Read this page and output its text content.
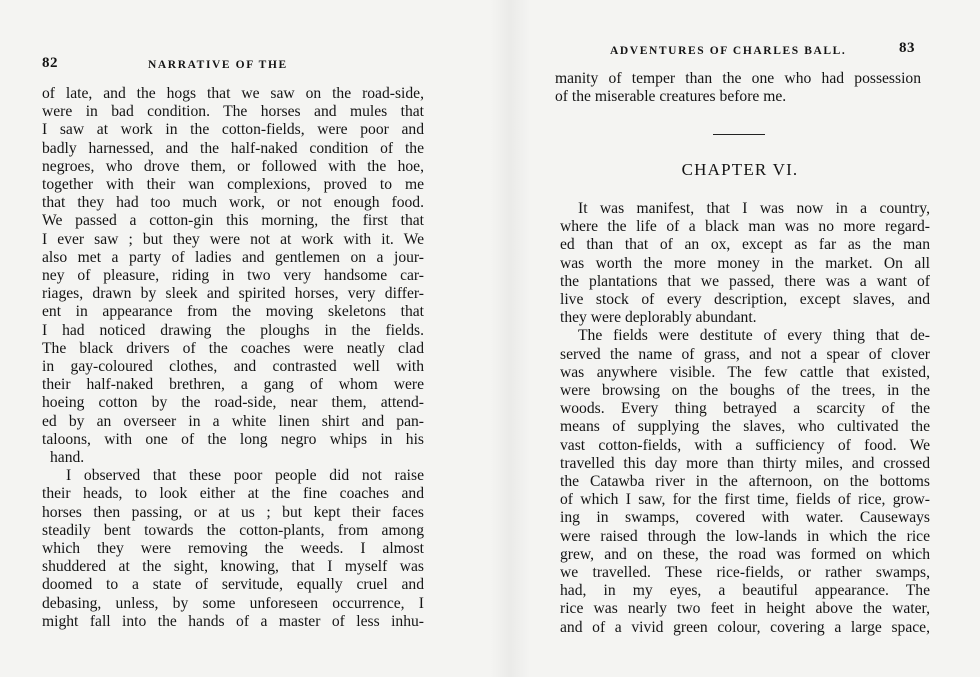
82	NARRATIVE OF THE
of late, and the hogs that we saw on the road-side,
were in bad condition. The horses and mules that
I saw at work in the cotton-fields, were poor and
badly harnessed, and the half-naked condition of the
negroes, who drove them, or followed with the hoe,
together with their wan complexions, proved to me
that they had too much work, or not enough food.
We passed a cotton-gin this morning, the first that
I ever saw ; but they were not at work with it. We
also met a party of ladies and gentlemen on a jour-
ney of pleasure, riding in two very handsome car-
riages, drawn by sleek and spirited horses, very differ-
ent in appearance from the moving skeletons that
I had noticed drawing the ploughs in the fields.
The black drivers of the coaches were neatly clad
in gay-coloured clothes, and contrasted well with
their half-naked brethren, a gang of whom were
hoeing cotton by the road-side, near them, attend-
ed by an overseer in a white linen shirt and pan-
taloons, with one of the long negro whips in his
hand.
I observed that these poor people did not raise
their heads, to look either at the fine coaches and
horses then passing, or at us ; but kept their faces
steadily bent towards the cotton-plants, from among
which they were removing the weeds. I almost
shuddered at the sight, knowing, that I myself was
doomed to a state of servitude, equally cruel and
debasing, unless, by some unforeseen occurrence, I
might fall into the hands of a master of less inhu-
ADVENTURES OF CHARLES BALL.	83
manity of temper than the one who had possession
of the miserable creatures before me.
CHAPTER VI.
It was manifest, that I was now in a country,
where the life of a black man was no more regard-
ed than that of an ox, except as far as the man
was worth the more money in the market. On all
the plantations that we passed, there was a want of
live stock of every description, except slaves, and
they were deplorably abundant.
The fields were destitute of every thing that de-
served the name of grass, and not a spear of clover
was anywhere visible. The few cattle that existed,
were browsing on the boughs of the trees, in the
woods. Every thing betrayed a scarcity of the
means of supplying the slaves, who cultivated the
vast cotton-fields, with a sufficiency of food. We
travelled this day more than thirty miles, and crossed
the Catawba river in the afternoon, on the bottoms
of which I saw, for the first time, fields of rice, grow-
ing in swamps, covered with water. Causeways
were raised through the low-lands in which the rice
grew, and on these, the road was formed on which
we travelled. These rice-fields, or rather swamps,
had, in my eyes, a beautiful appearance. The
rice was nearly two feet in height above the water,
and of a vivid green colour, covering a large space,
